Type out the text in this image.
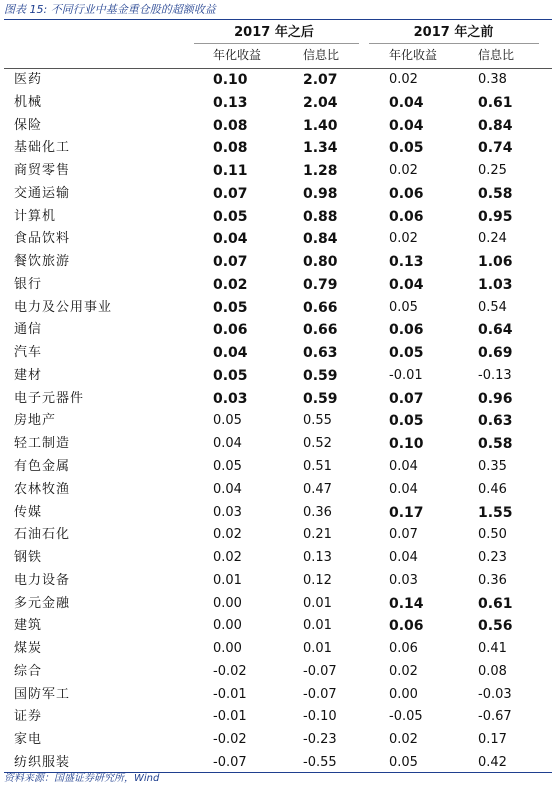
图表 15: 不同行业中基金重仓股的超额收益
2017 年之后	2017 年之前
年化收益	信息比	年化收益	信息比
医药	0.10	2.07	0.02	0.38
机械	0.13	2.04	0.04	0.61
保险	0.08	1.40	0.04	0.84
基础化工	0.08	1.34	0.05	0.74
商贸零售	0.11	1.28	0.02	0.25
交通运输	0.07	0.98	0.06	0.58
计算机	0.05	0.88	0.06	0.95
食品饮料	0.04	0.84	0.02	0.24
餐饮旅游	0.07	0.80	0.13	1.06
银行	0.02	0.79	0.04	1.03
电力及公用事业	0.05	0.66	0.05	0.54
通信	0.06	0.66	0.06	0.64
汽车	0.04	0.63	0.05	0.69
建材	0.05	0.59	-0.01	-0.13
电子元器件	0.03	0.59	0.07	0.96
房地产	0.05	0.55	0.05	0.63
轻工制造	0.04	0.52	0.10	0.58
有色金属	0.05	0.51	0.04	0.35
农林牧渔	0.04	0.47	0.04	0.46
传媒	0.03	0.36	0.17	1.55
石油石化	0.02	0.21	0.07	0.50
钢铁	0.02	0.13	0.04	0.23
电力设备	0.01	0.12	0.03	0.36
多元金融	0.00	0.01	0.14	0.61
建筑	0.00	0.01	0.06	0.56
煤炭	0.00	0.01	0.06	0.41
综合	-0.02	-0.07	0.02	0.08
国防军工	-0.01	-0.07	0.00	-0.03
证券	-0.01	-0.10	-0.05	-0.67
家电	-0.02	-0.23	0.02	0.17
纺织服装	-0.07	-0.55	0.05	0.42
资料来源：国盛证券研究所，Wind
